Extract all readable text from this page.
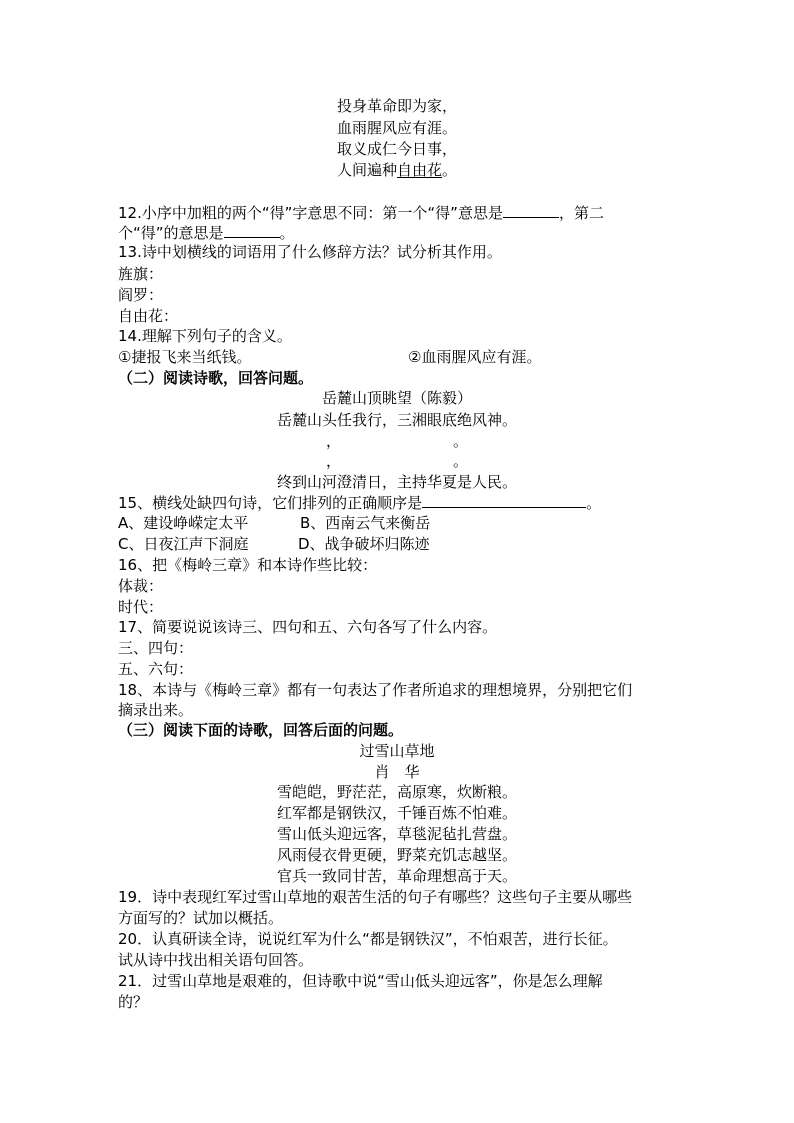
投身革命即为家，
血雨腥风应有涯。
取义成仁今日事，
人间遍种自由花。
12.小序中加粗的两个“得”字意思不同：第一个“得”意思是	，第二
个“得”的意思是	。
13.诗中划横线的词语用了什么修辞方法？试分析其作用。
旌旗：
阎罗：
自由花：
14.理解下列句子的含义。
①捷报飞来当纸钱。	②血雨腥风应有涯。
（二）阅读诗歌，回答问题。
岳麓山顶眺望（陈毅）
岳麓山头任我行，三湘眼底绝风神。
，	。
，	。
终到山河澄清日，主持华夏是人民。
15、横线处缺四句诗，它们排列的正确顺序是	。
A、建设峥嵘定太平	B、西南云气来衡岳
C、日夜江声下洞庭	D、战争破坏归陈迹
16、把《梅岭三章》和本诗作些比较：
体裁：
时代：
17、简要说说该诗三、四句和五、六句各写了什么内容。
三、四句：
五、六句：
18、本诗与《梅岭三章》都有一句表达了作者所追求的理想境界，分别把它们
摘录出来。
（三）阅读下面的诗歌，回答后面的问题。
过雪山草地
肖　华
雪皑皑，野茫茫，高原寒，炊断粮。
红军都是钢铁汉，千锤百炼不怕难。
雪山低头迎远客，草毯泥毡扎营盘。
风雨侵衣骨更硬，野菜充饥志越坚。
官兵一致同甘苦，革命理想高于天。
19．诗中表现红军过雪山草地的艰苦生活的句子有哪些？这些句子主要从哪些
方面写的？试加以概括。
20．认真研读全诗，说说红军为什么“都是钢铁汉”，不怕艰苦，进行长征。
试从诗中找出相关语句回答。
21．过雪山草地是艰难的，但诗歌中说“雪山低头迎远客”，你是怎么理解
的？
